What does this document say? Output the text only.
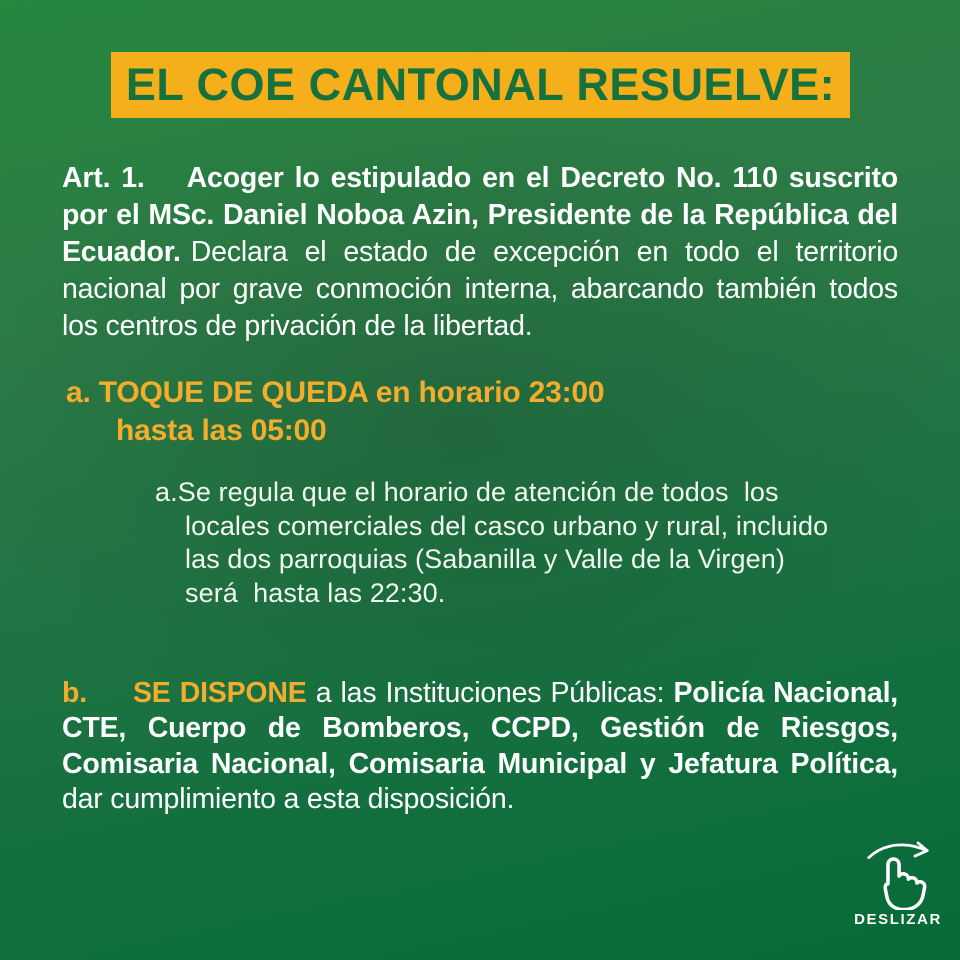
EL COE CANTONAL RESUELVE:

Art. 1. Acoger lo estipulado en el Decreto No. 110 suscrito por el MSc. Daniel Noboa Azin, Presidente de la República del Ecuador. Declara el estado de excepción en todo el territorio nacional por grave conmoción interna, abarcando también todos los centros de privación de la libertad.

a. TOQUE DE QUEDA en horario 23:00
hasta las 05:00

a.Se regula que el horario de atención de todos  los locales comerciales del casco urbano y rural, incluido las dos parroquias (Sabanilla y Valle de la Virgen) será  hasta las 22:30.

b. SE DISPONE a las Instituciones Públicas: Policía Nacional, CTE, Cuerpo de Bomberos, CCPD, Gestión de Riesgos, Comisaria Nacional, Comisaria Municipal y Jefatura Política, dar cumplimiento a esta disposición.

DESLIZAR
